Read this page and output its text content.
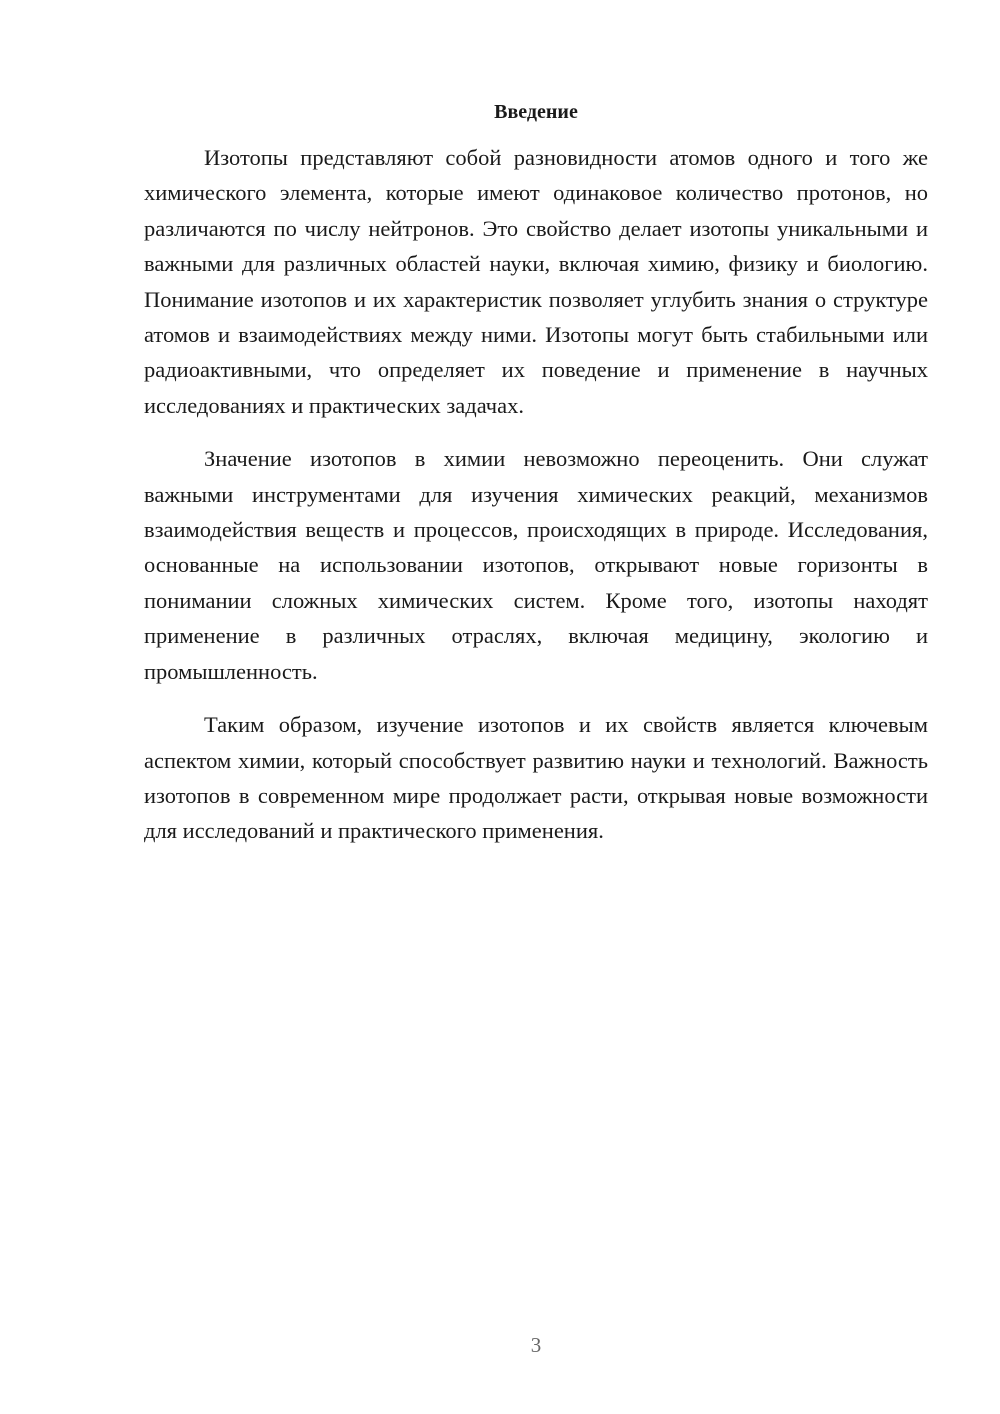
Введение

Изотопы представляют собой разновидности атомов одного и того же химического элемента, которые имеют одинаковое количество протонов, но различаются по числу нейтронов. Это свойство делает изотопы уникальными и важными для различных областей науки, включая химию, физику и биологию. Понимание изотопов и их характеристик позволяет углубить знания о структуре атомов и взаимодействиях между ними. Изотопы могут быть стабильными или радиоактивными, что определяет их поведение и применение в научных исследованиях и практических задачах.

Значение изотопов в химии невозможно переоценить. Они служат важными инструментами для изучения химических реакций, механизмов взаимодействия веществ и процессов, происходящих в природе. Исследования, основанные на использовании изотопов, открывают новые горизонты в понимании сложных химических систем. Кроме того, изотопы находят применение в различных отраслях, включая медицину, экологию и промышленность.

Таким образом, изучение изотопов и их свойств является ключевым аспектом химии, который способствует развитию науки и технологий. Важность изотопов в современном мире продолжает расти, открывая новые возможности для исследований и практического применения.

3
